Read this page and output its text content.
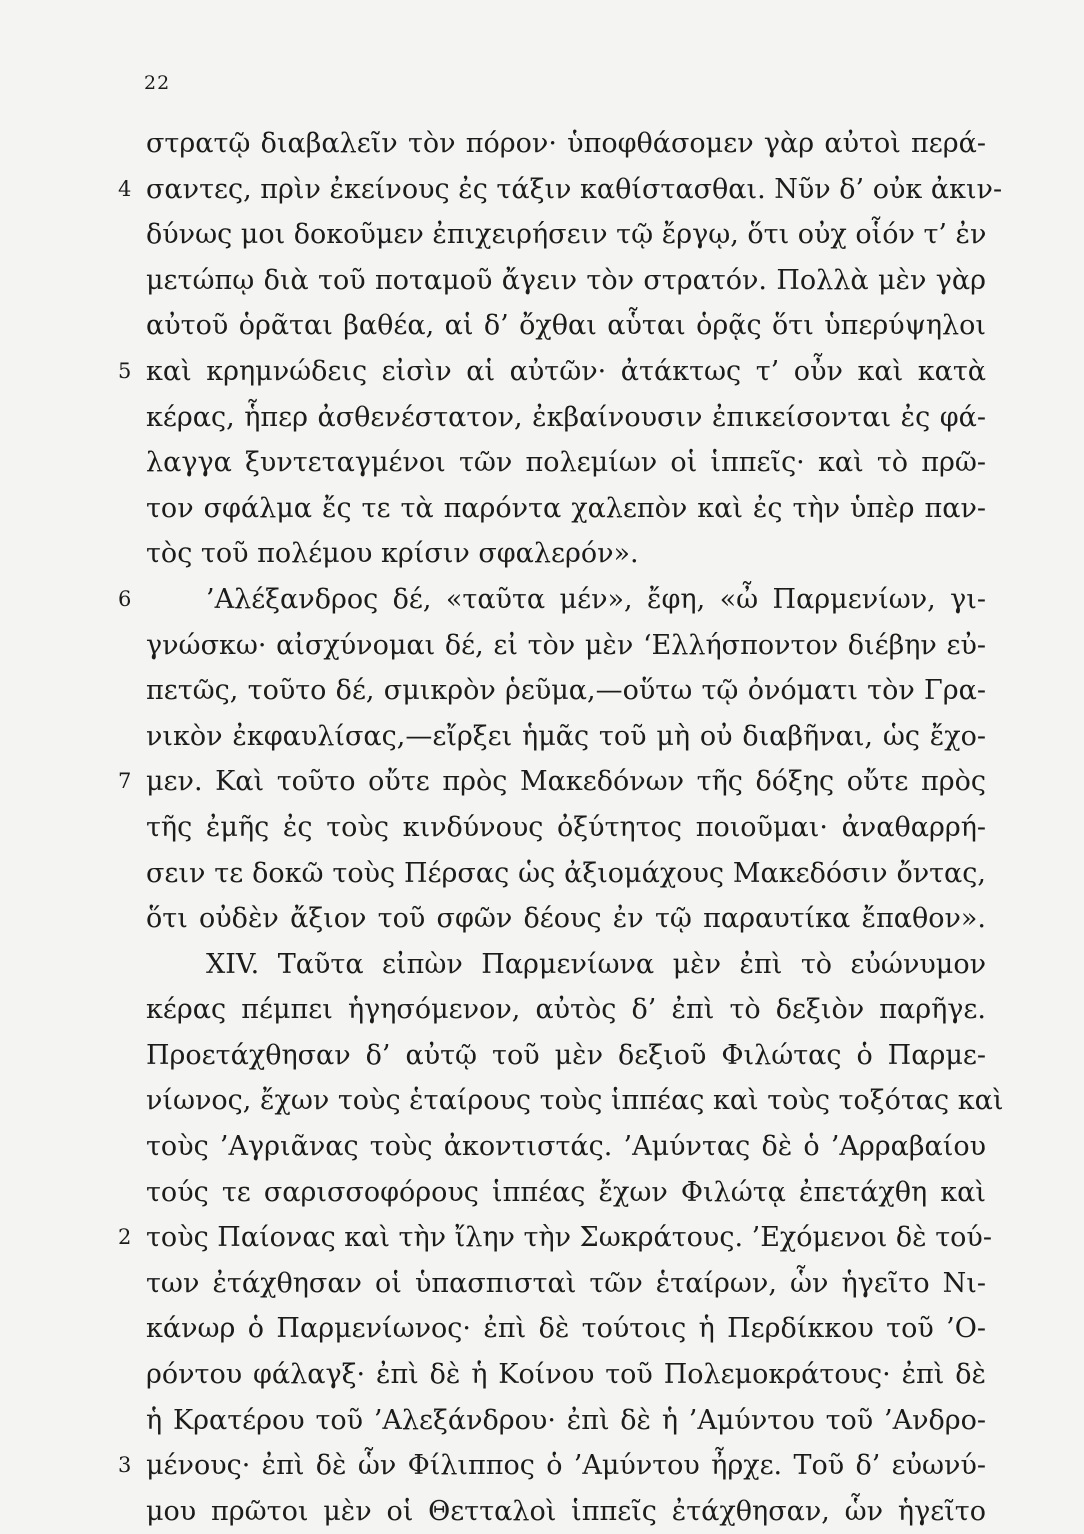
22
στρατῷ διαβαλεῖν τὸν πόρον· ὑποφθάσομεν γὰρ αὐτοὶ περά-
4 σαντες, πρὶν ἐκείνους ἐς τάξιν καθίστασθαι. Νῦν δ’ οὐκ ἀκιν-
δύνως μοι δοκοῦμεν ἐπιχειρήσειν τῷ ἔργῳ, ὅτι οὐχ οἷόν τ’ ἐν
μετώπῳ διὰ τοῦ ποταμοῦ ἄγειν τὸν στρατόν. Πολλὰ μὲν γὰρ
αὐτοῦ ὁρᾶται βαθέα, αἱ δ’ ὄχθαι αὗται ὁρᾷς ὅτι ὑπερύψηλοι
5 καὶ κρημνώδεις εἰσὶν αἱ αὐτῶν· ἀτάκτως τ’ οὖν καὶ κατὰ
κέρας, ἧπερ ἀσθενέστατον, ἐκβαίνουσιν ἐπικείσονται ἐς φά-
λαγγα ξυντεταγμένοι τῶν πολεμίων οἱ ἱππεῖς· καὶ τὸ πρῶ-
τον σφάλμα ἔς τε τὰ παρόντα χαλεπὸν καὶ ἐς τὴν ὑπὲρ παν-
τὸς τοῦ πολέμου κρίσιν σφαλερόν».
6	’Αλέξανδρος δέ, «ταῦτα μέν», ἔφη, «ὦ Παρμενίων, γι-
γνώσκω· αἰσχύνομαι δέ, εἰ τὸν μὲν ‘Ελλήσποντον διέβην εὐ-
πετῶς, τοῦτο δέ, σμικρὸν ῥεῦμα,—οὕτω τῷ ὀνόματι τὸν Γρα-
νικὸν ἐκφαυλίσας,—εἴρξει ἡμᾶς τοῦ μὴ οὐ διαβῆναι, ὡς ἔχο-
7 μεν. Καὶ τοῦτο οὔτε πρὸς Μακεδόνων τῆς δόξης οὔτε πρὸς
τῆς ἐμῆς ἐς τοὺς κινδύνους ὀξύτητος ποιοῦμαι· ἀναθαρρή-
σειν τε δοκῶ τοὺς Πέρσας ὡς ἀξιομάχους Μακεδόσιν ὄντας,
ὅτι οὐδὲν ἄξιον τοῦ σφῶν δέους ἐν τῷ παραυτίκα ἔπαθον».
XIV. Ταῦτα εἰπὼν Παρμενίωνα μὲν ἐπὶ τὸ εὐώνυμον
κέρας πέμπει ἡγησόμενον, αὐτὸς δ’ ἐπὶ τὸ δεξιὸν παρῆγε.
Προετάχθησαν δ’ αὐτῷ τοῦ μὲν δεξιοῦ Φιλώτας ὁ Παρμε-
νίωνος, ἔχων τοὺς ἑταίρους τοὺς ἱππέας καὶ τοὺς τοξότας καὶ
τοὺς ’Αγριᾶνας τοὺς ἀκοντιστάς. ’Αμύντας δὲ ὁ ’Αρραβαίου
τούς τε σαρισσοφόρους ἱππέας ἔχων Φιλώτᾳ ἐπετάχθη καὶ
2 τοὺς Παίονας καὶ τὴν ἴλην τὴν Σωκράτους. ’Εχόμενοι δὲ τού-
των ἐτάχθησαν οἱ ὑπασπισταὶ τῶν ἑταίρων, ὧν ἡγεῖτο Νι-
κάνωρ ὁ Παρμενίωνος· ἐπὶ δὲ τούτοις ἡ Περδίκκου τοῦ ’Ο-
ρόντου φάλαγξ· ἐπὶ δὲ ἡ Κοίνου τοῦ Πολεμοκράτους· ἐπὶ δὲ
ἡ Κρατέρου τοῦ ’Αλεξάνδρου· ἐπὶ δὲ ἡ ’Αμύντου τοῦ ’Ανδρο-
3 μένους· ἐπὶ δὲ ὧν Φίλιππος ὁ ’Αμύντου ἦρχε. Τοῦ δ’ εὐωνύ-
μου πρῶτοι μὲν οἱ Θετταλοὶ ἱππεῖς ἐτάχθησαν, ὧν ἡγεῖτο
